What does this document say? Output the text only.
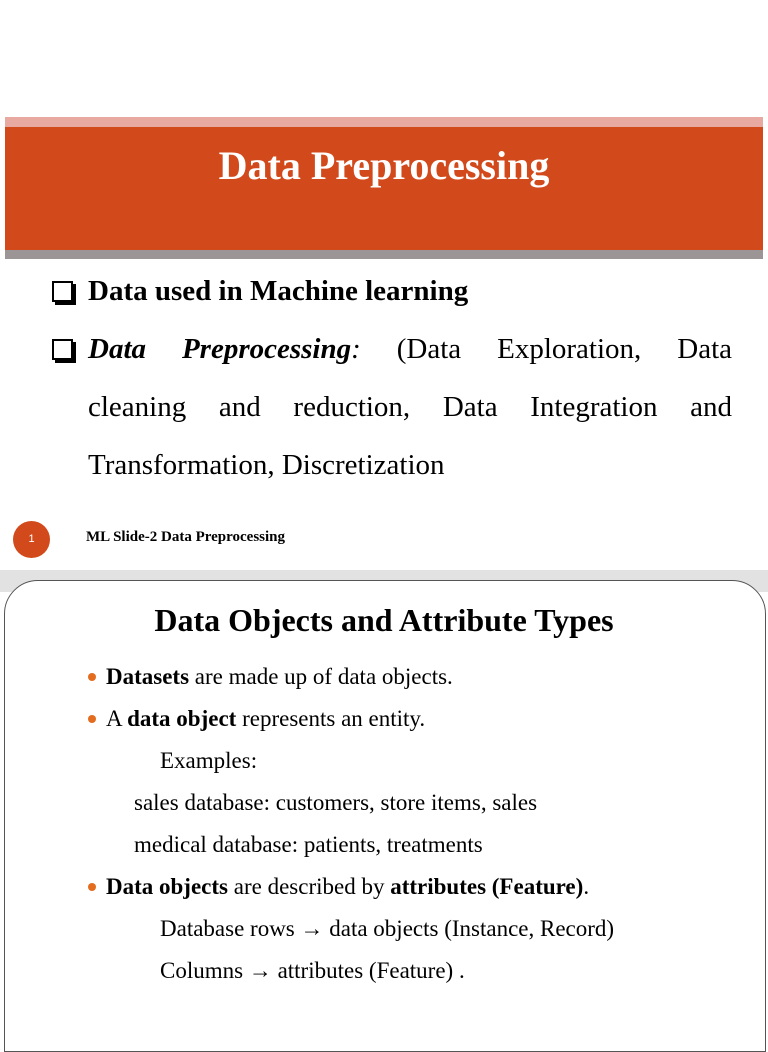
Data Preprocessing
Data used in Machine learning
Data Preprocessing: (Data Exploration, Data
cleaning and reduction, Data Integration and
Transformation, Discretization
1	ML Slide-2 Data Preprocessing
Data Objects and Attribute Types
Datasets are made up of data objects.
A data object represents an entity.
Examples:
sales database: customers, store items, sales
medical database: patients, treatments
Data objects are described by attributes (Feature).
Database rows → data objects (Instance, Record)
Columns → attributes (Feature) .
